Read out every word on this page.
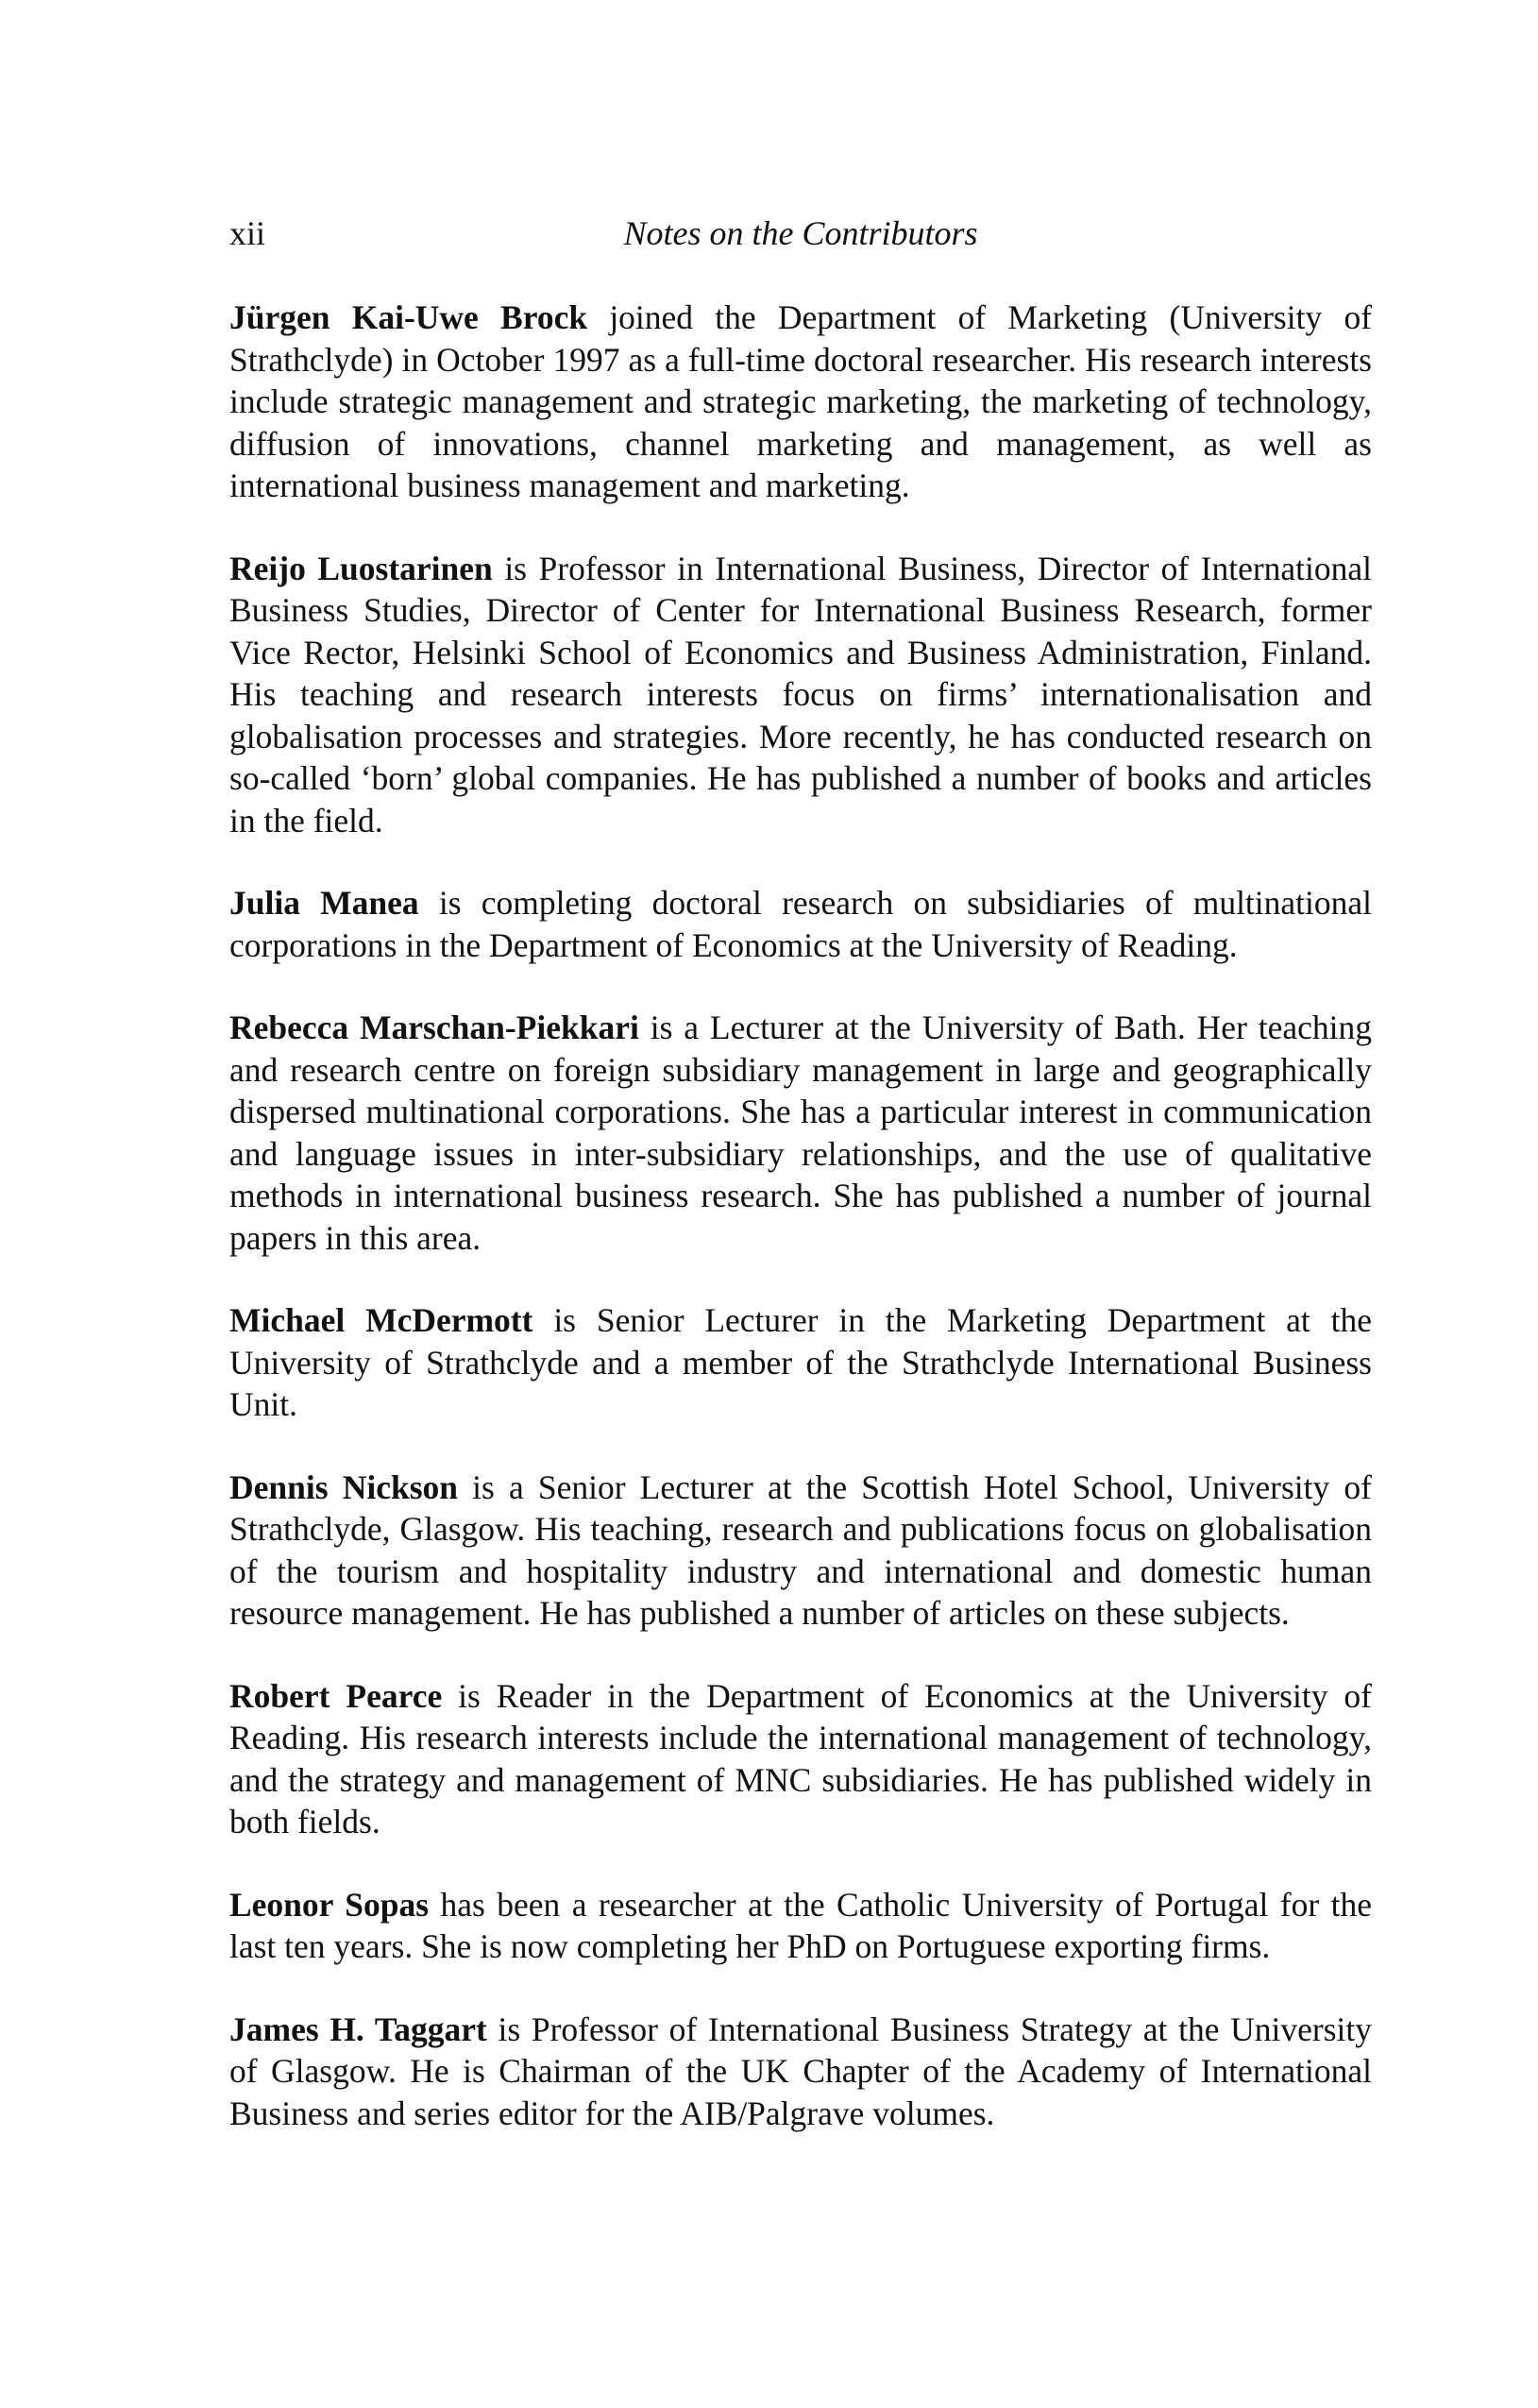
xii	Notes on the Contributors

Jürgen Kai-Uwe Brock joined the Department of Marketing (University of Strathclyde) in October 1997 as a full-time doctoral researcher. His research interests include strategic management and strategic marketing, the marketing of technology, diffusion of innovations, channel marketing and management, as well as international business management and marketing.

Reijo Luostarinen is Professor in International Business, Director of International Business Studies, Director of Center for International Business Research, former Vice Rector, Helsinki School of Economics and Business Administration, Finland. His teaching and research interests focus on firms’ internationalisation and globalisation processes and strategies. More recently, he has conducted research on so-called ‘born’ global companies. He has published a number of books and articles in the field.

Julia Manea is completing doctoral research on subsidiaries of multinational corporations in the Department of Economics at the University of Reading.

Rebecca Marschan-Piekkari is a Lecturer at the University of Bath. Her teaching and research centre on foreign subsidiary management in large and geographically dispersed multinational corporations. She has a particular interest in communication and language issues in inter-subsidiary relationships, and the use of qualitative methods in international business research. She has published a number of journal papers in this area.

Michael McDermott is Senior Lecturer in the Marketing Department at the University of Strathclyde and a member of the Strathclyde International Business Unit.

Dennis Nickson is a Senior Lecturer at the Scottish Hotel School, University of Strathclyde, Glasgow. His teaching, research and publications focus on globalisation of the tourism and hospitality industry and international and domestic human resource management. He has published a number of articles on these subjects.

Robert Pearce is Reader in the Department of Economics at the University of Reading. His research interests include the international management of technology, and the strategy and management of MNC subsidiaries. He has published widely in both fields.

Leonor Sopas has been a researcher at the Catholic University of Portugal for the last ten years. She is now completing her PhD on Portuguese exporting firms.

James H. Taggart is Professor of International Business Strategy at the University of Glasgow. He is Chairman of the UK Chapter of the Academy of International Business and series editor for the AIB/Palgrave volumes.
